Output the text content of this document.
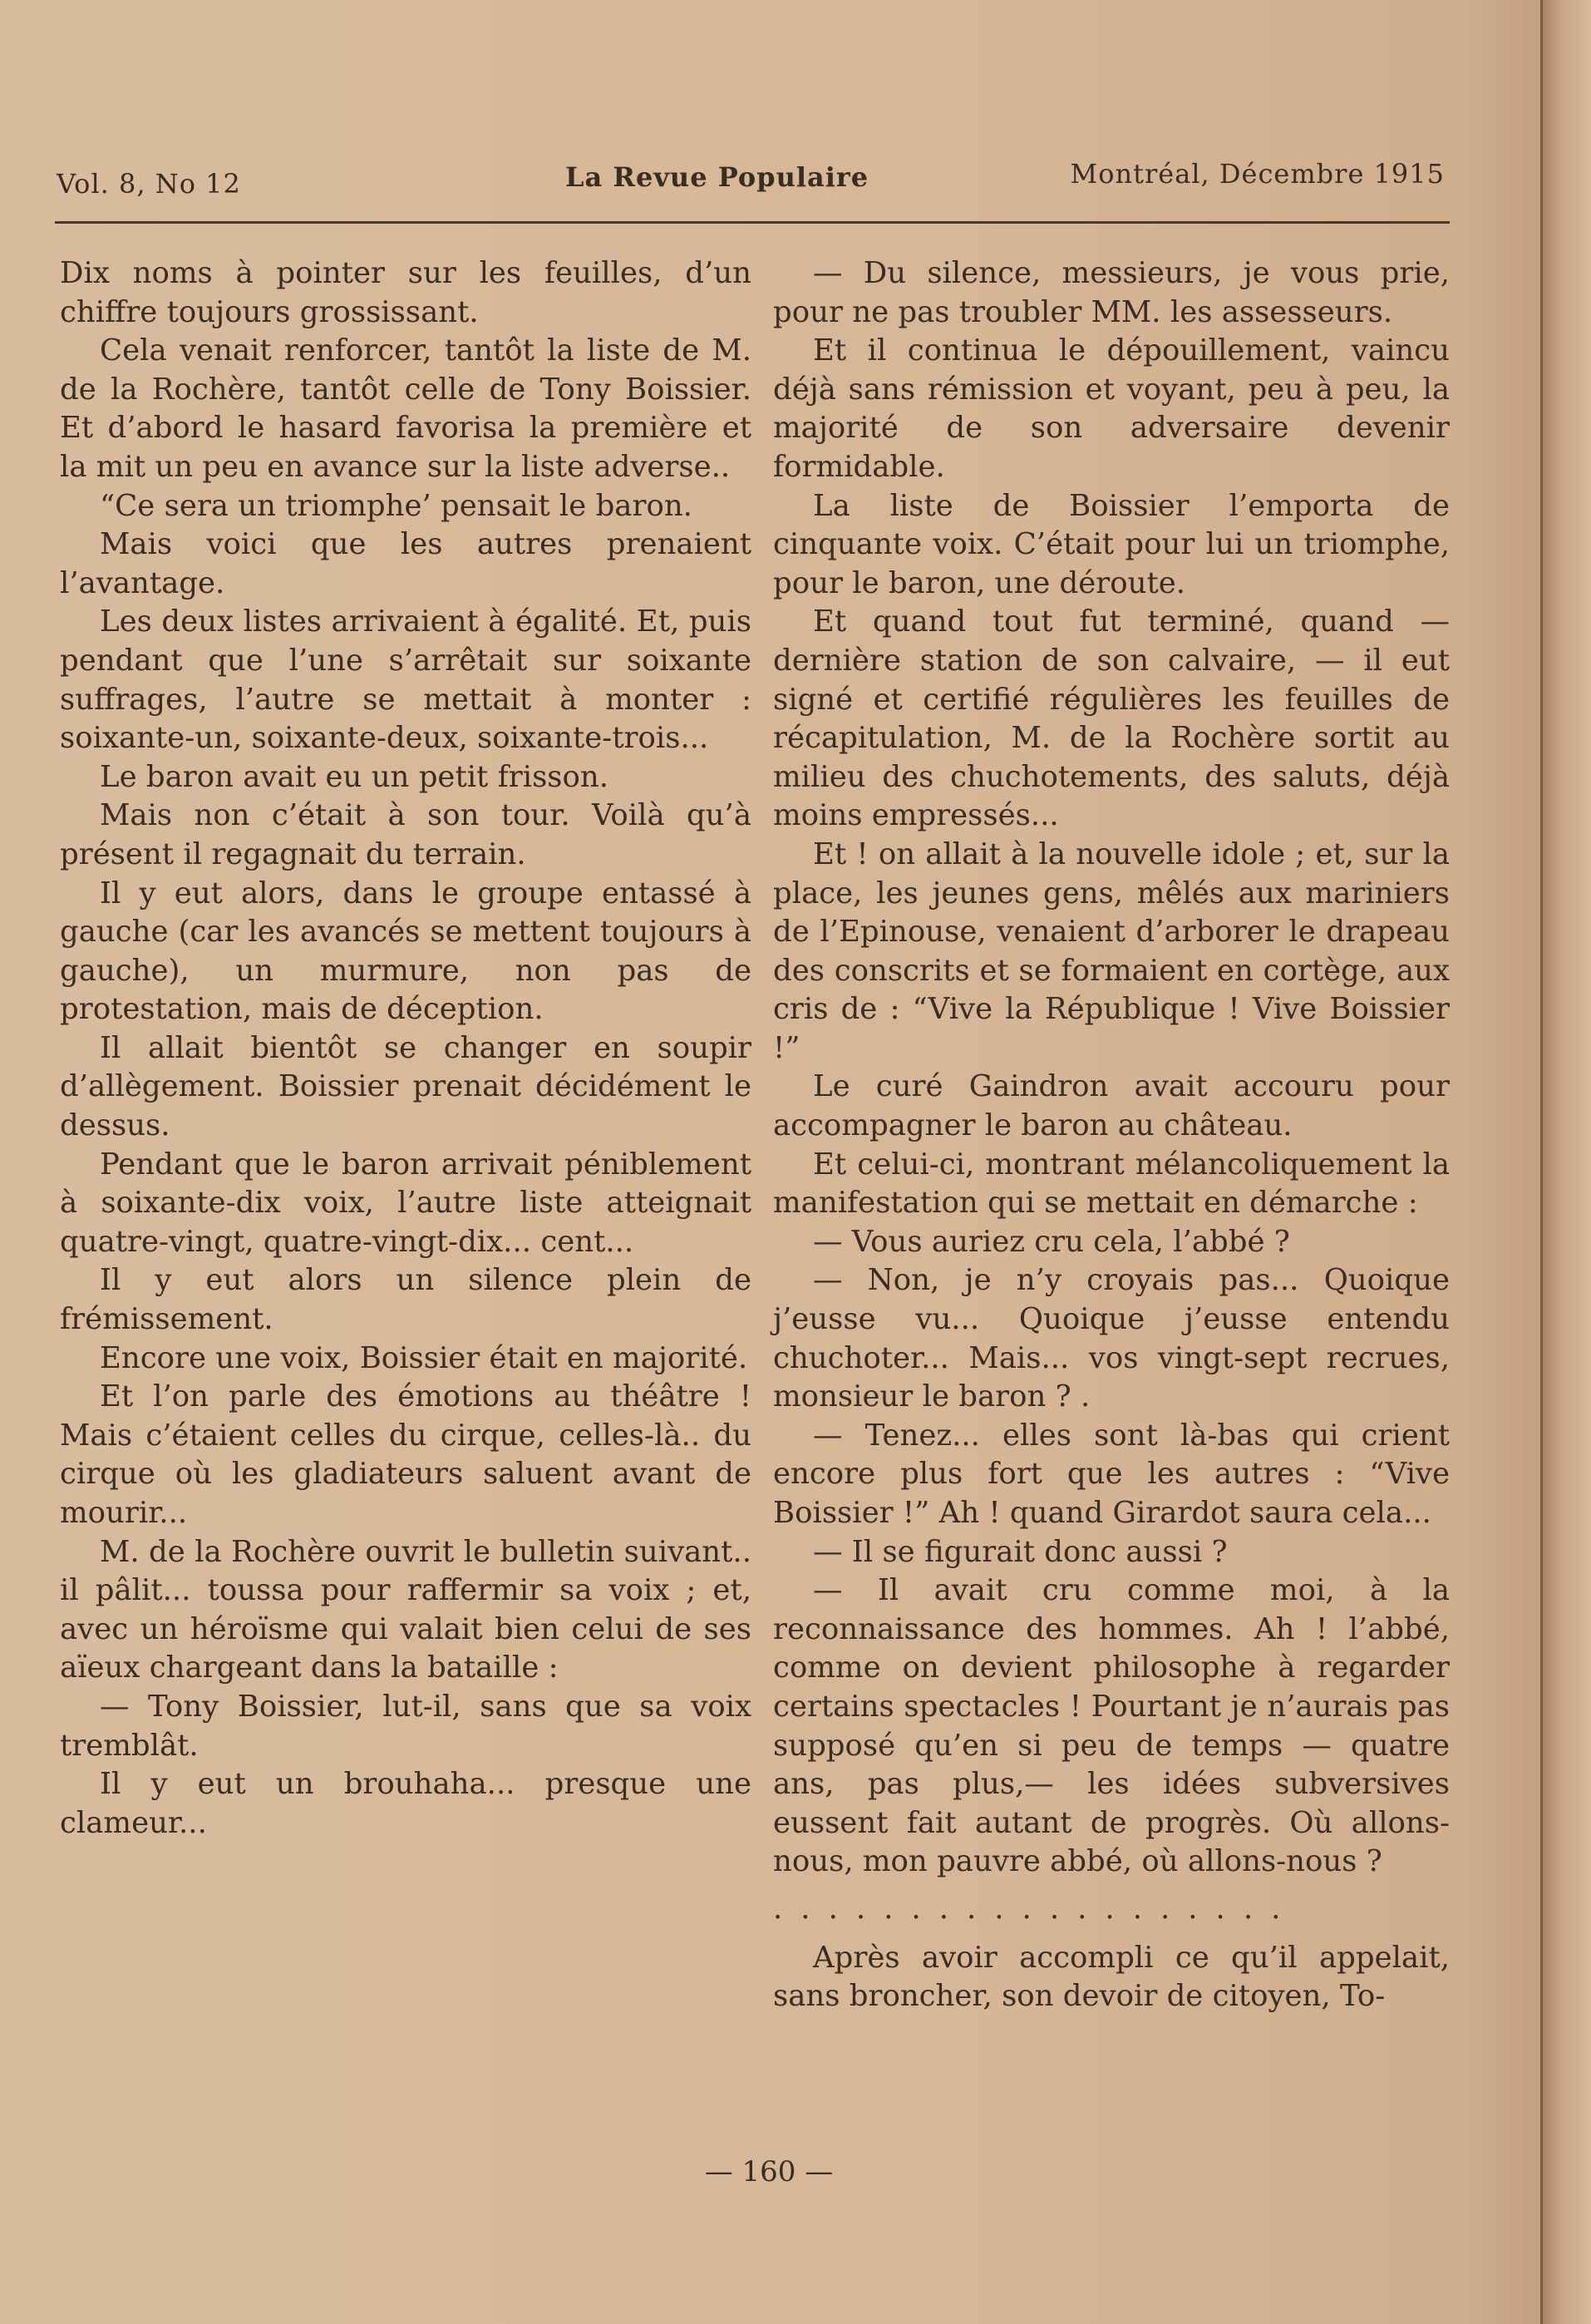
Vol. 8, No 12	La Revue Populaire	Montréal, Décembre 1915

Dix noms à pointer sur les feuilles, d’un chiffre toujours grossissant.

Cela venait renforcer, tantôt la liste de M. de la Rochère, tantôt celle de Tony Boissier. Et d’abord le hasard favorisa la première et la mit un peu en avance sur la liste adverse..

“Ce sera un triomphe’ pensait le baron.

Mais voici que les autres prenaient l’avantage.

Les deux listes arrivaient à égalité. Et, puis pendant que l’une s’arrêtait sur soixante suffrages, l’autre se mettait à monter : soixante-un, soixante-deux, soixante-trois...

Le baron avait eu un petit frisson.

Mais non c’était à son tour. Voilà qu’à présent il regagnait du terrain.

Il y eut alors, dans le groupe entassé à gauche (car les avancés se mettent toujours à gauche), un murmure, non pas de protestation, mais de déception.

Il allait bientôt se changer en soupir d’allègement. Boissier prenait décidément le dessus.

Pendant que le baron arrivait péniblement à soixante-dix voix, l’autre liste atteignait quatre-vingt, quatre-vingt-dix... cent...

Il y eut alors un silence plein de frémissement.

Encore une voix, Boissier était en majorité.

Et l’on parle des émotions au théâtre ! Mais c’étaient celles du cirque, celles-là.. du cirque où les gladiateurs saluent avant de mourir...

M. de la Rochère ouvrit le bulletin suivant.. il pâlit... toussa pour raffermir sa voix ; et, avec un héroïsme qui valait bien celui de ses aïeux chargeant dans la bataille :

— Tony Boissier, lut-il, sans que sa voix tremblât.

Il y eut un brouhaha... presque une clameur...

— Du silence, messieurs, je vous prie, pour ne pas troubler MM. les assesseurs.

Et il continua le dépouillement, vaincu déjà sans rémission et voyant, peu à peu, la majorité de son adversaire devenir formidable.

La liste de Boissier l’emporta de cinquante voix. C’était pour lui un triomphe, pour le baron, une déroute.

Et quand tout fut terminé, quand — dernière station de son calvaire, — il eut signé et certifié régulières les feuilles de récapitulation, M. de la Rochère sortit au milieu des chuchotements, des saluts, déjà moins empressés...

Et ! on allait à la nouvelle idole ; et, sur la place, les jeunes gens, mêlés aux mariniers de l’Epinouse, venaient d’arborer le drapeau des conscrits et se formaient en cortège, aux cris de : “Vive la République ! Vive Boissier !”

Le curé Gaindron avait accouru pour accompagner le baron au château.

Et celui-ci, montrant mélancoliquement la manifestation qui se mettait en démarche :

— Vous auriez cru cela, l’abbé ?

— Non, je n’y croyais pas... Quoique j’eusse vu... Quoique j’eusse entendu chuchoter... Mais... vos vingt-sept recrues, monsieur le baron ? .

— Tenez... elles sont là-bas qui crient encore plus fort que les autres : “Vive Boissier !” Ah ! quand Girardot saura cela...

— Il se figurait donc aussi ?

— Il avait cru comme moi, à la reconnaissance des hommes. Ah ! l’abbé, comme on devient philosophe à regarder certains spectacles ! Pourtant je n’aurais pas supposé qu’en si peu de temps — quatre ans, pas plus,— les idées subversives eussent fait autant de progrès. Où allons-nous, mon pauvre abbé, où allons-nous ?

...................

Après avoir accompli ce qu’il appelait, sans broncher, son devoir de citoyen, To-

— 160 —
